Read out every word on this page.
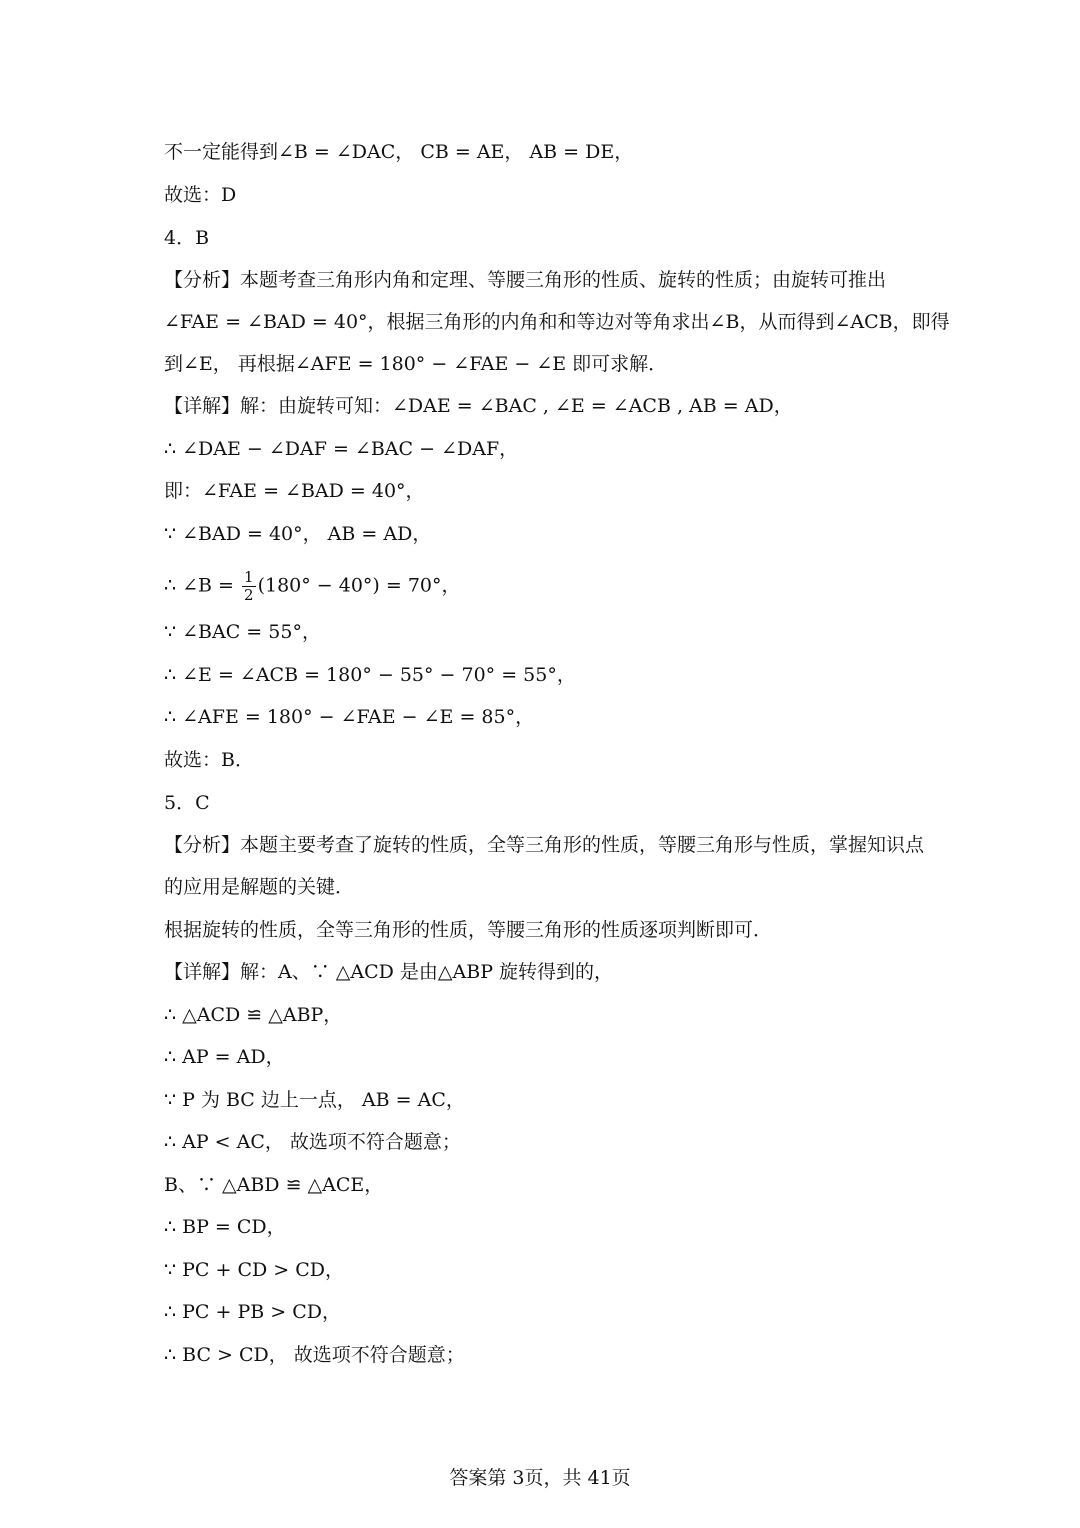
不一定能得到∠B = ∠DAC， CB = AE， AB = DE，
故选：D
4．B
【分析】本题考查三角形内角和定理、等腰三角形的性质、旋转的性质；由旋转可推出
∠FAE = ∠BAD = 40°，根据三角形的内角和和等边对等角求出∠B，从而得到∠ACB，即得
到∠E， 再根据∠AFE = 180° − ∠FAE − ∠E 即可求解．
【详解】解：由旋转可知：∠DAE = ∠BAC , ∠E = ∠ACB , AB = AD，
∴ ∠DAE − ∠DAF = ∠BAC − ∠DAF，
即：∠FAE = ∠BAD = 40°，
∵ ∠BAD = 40°， AB = AD，
∴ ∠B = $\frac{1}{2} (180^\circ - 40^\circ) = 70^\circ$，
∵ ∠BAC = 55°，
∴ ∠E = ∠ACB = 180° − 55° − 70° = 55°，
∴ ∠AFE = 180° − ∠FAE − ∠E = 85°，
故选：B．
5．C
【分析】本题主要考查了旋转的性质，全等三角形的性质，等腰三角形与性质，掌握知识点
的应用是解题的关键．
根据旋转的性质，全等三角形的性质，等腰三角形的性质逐项判断即可．
【详解】解：A、∵ △ACD 是由△ABP 旋转得到的，
∴ △ACD ≌ △ABP，
∴ AP = AD，
∵ P 为 BC 边上一点， AB = AC，
∴ AP < AC， 故选项不符合题意；
B、∵ △ABD ≌ △ACE，
∴ BP = CD，
∵ PC + CD > CD，
∴ PC + PB > CD，
∴ BC > CD， 故选项不符合题意；
答案第 3页，共 41页
